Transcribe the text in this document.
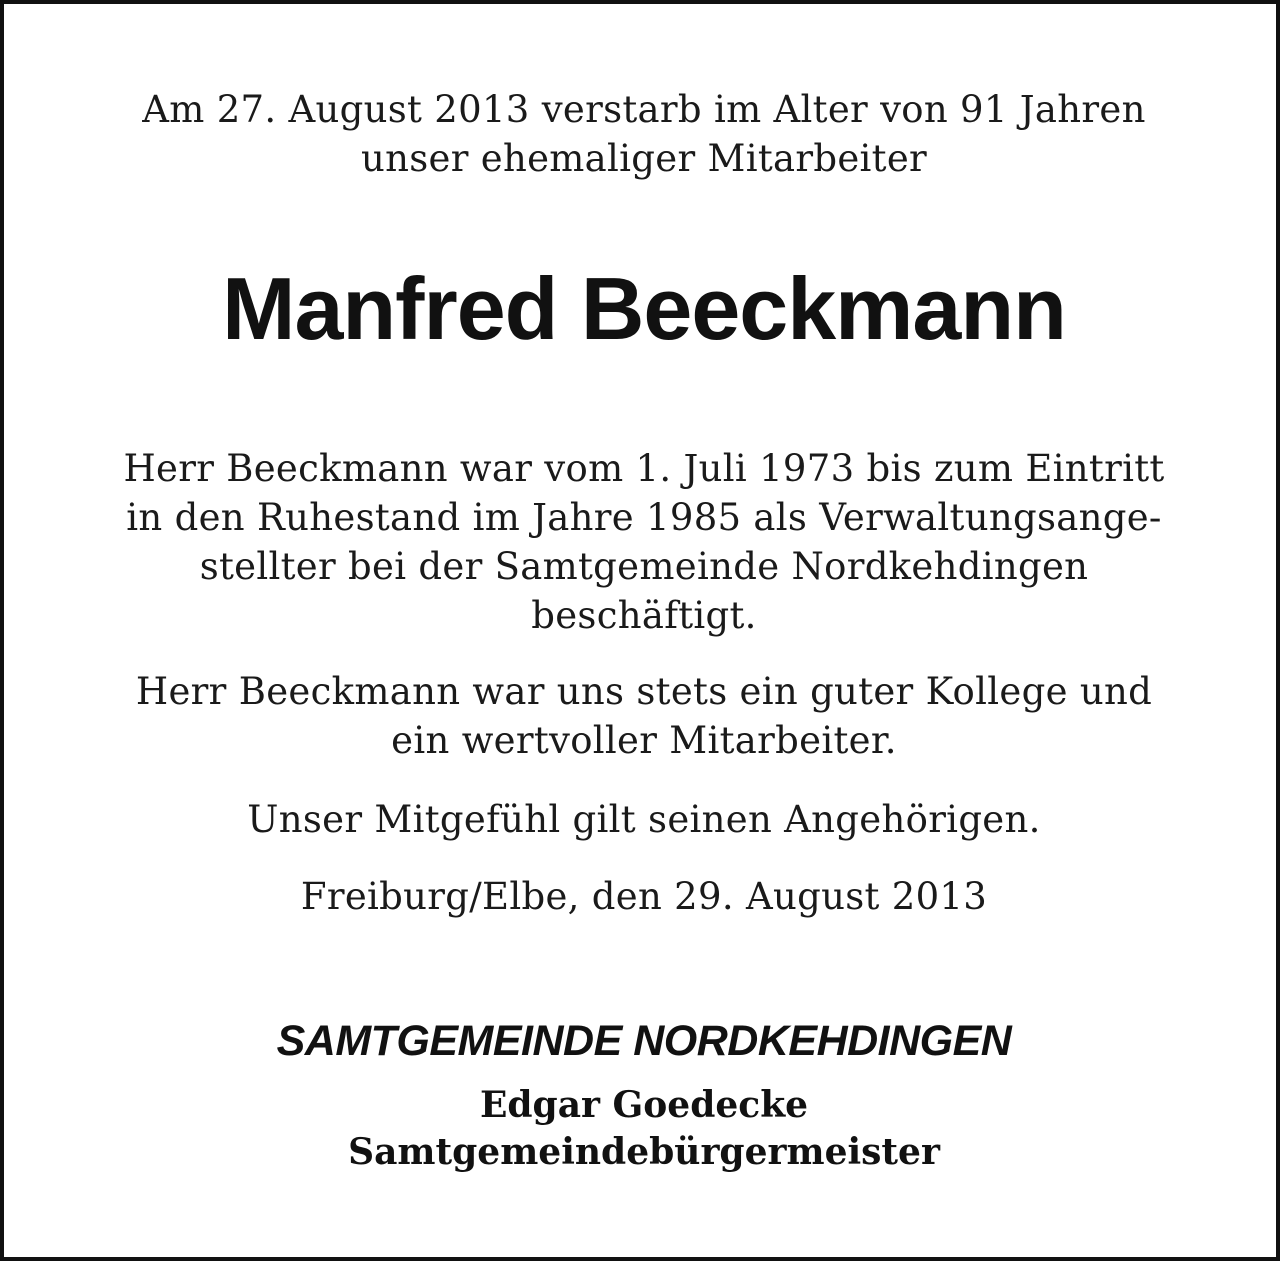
Am 27. August 2013 verstarb im Alter von 91 Jahren
unser ehemaliger Mitarbeiter
Manfred Beeckmann
Herr Beeckmann war vom 1. Juli 1973 bis zum Eintritt
in den Ruhestand im Jahre 1985 als Verwaltungsange-
stellter bei der Samtgemeinde Nordkehdingen
beschäftigt.
Herr Beeckmann war uns stets ein guter Kollege und
ein wertvoller Mitarbeiter.
Unser Mitgefühl gilt seinen Angehörigen.
Freiburg/Elbe, den 29. August 2013
SAMTGEMEINDE NORDKEHDINGEN
Edgar Goedecke
Samtgemeindebürgermeister
